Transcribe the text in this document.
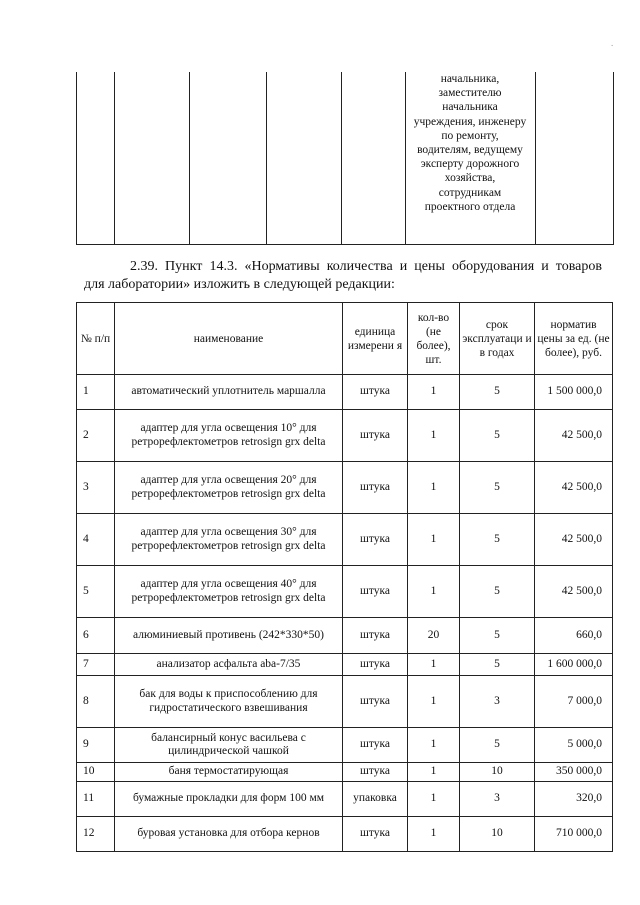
.
начальника,
заместителю
начальника
учреждения, инженеру
по ремонту,
водителям, ведущему
эксперту дорожного
хозяйства,
сотрудникам
проектного отдела
2.39. Пункт 14.3. «Нормативы количества и цены оборудования и товаров
для лаборатории» изложить в следующей редакции:
№ п/п	наименование	единица измерени я	кол-во (не более), шт.	срок эксплуатаци и в годах	норматив цены за ед. (не более), руб.
1	автоматический уплотнитель маршалла	штука	1	5	1 500 000,0
2	адаптер для угла освещения 10° для ретрорефлектометров retrosign grx delta	штука	1	5	42 500,0
3	адаптер для угла освещения 20° для ретрорефлектометров retrosign grx delta	штука	1	5	42 500,0
4	адаптер для угла освещения 30° для ретрорефлектометров retrosign grx delta	штука	1	5	42 500,0
5	адаптер для угла освещения 40° для ретрорефлектометров retrosign grx delta	штука	1	5	42 500,0
6	алюминиевый противень (242*330*50)	штука	20	5	660,0
7	анализатор асфальта aba-7/35	штука	1	5	1 600 000,0
8	бак для воды к приспособлению для гидростатического взвешивания	штука	1	3	7 000,0
9	балансирный конус васильева с цилиндрической чашкой	штука	1	5	5 000,0
10	баня термостатирующая	штука	1	10	350 000,0
11	бумажные прокладки для форм 100 мм	упаковка	1	3	320,0
12	буровая установка для отбора кернов	штука	1	10	710 000,0
